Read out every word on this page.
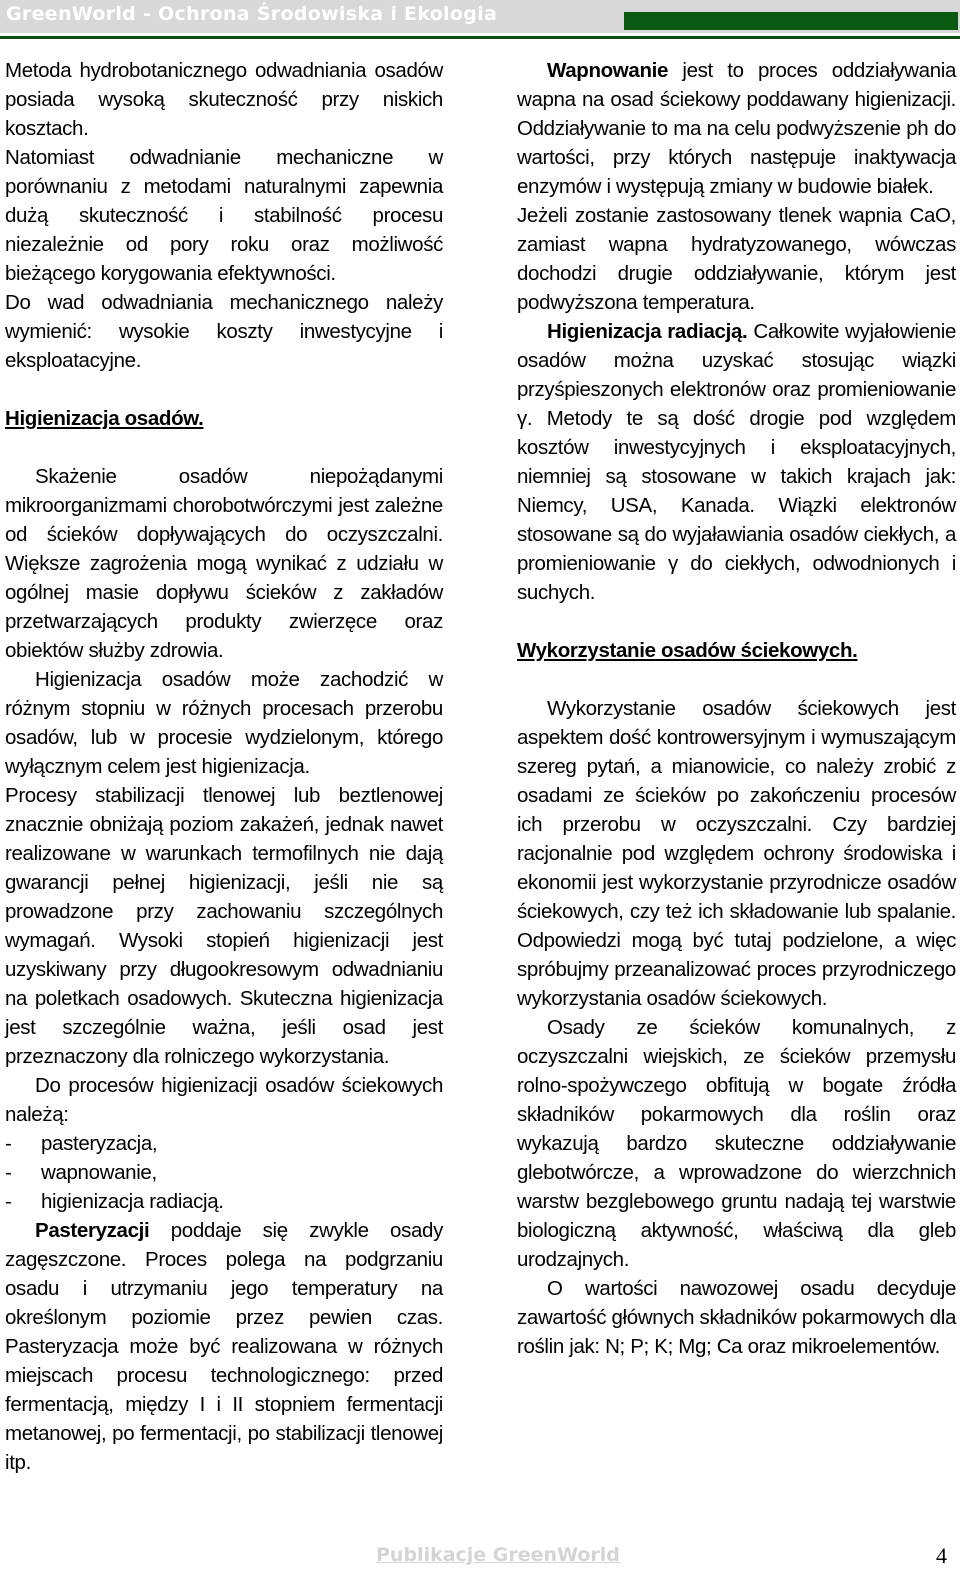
GreenWorld - Ochrona Środowiska i Ekologia

Metoda hydrobotanicznego odwadniania osadów posiada wysoką skuteczność przy niskich kosztach.

Natomiast odwadnianie mechaniczne w porównaniu z metodami naturalnymi zapewnia dużą skuteczność i stabilność procesu niezależnie od pory roku oraz możliwość bieżącego korygowania efektywności.

Do wad odwadniania mechanicznego należy wymienić: wysokie koszty inwestycyjne i eksploatacyjne.

Higienizacja osadów.

Skażenie osadów niepożądanymi mikroorganizmami chorobotwórczymi jest zależne od ścieków dopływających do oczyszczalni. Większe zagrożenia mogą wynikać z udziału w ogólnej masie dopływu ścieków z zakładów przetwarzających produkty zwierzęce oraz obiektów służby zdrowia.

Higienizacja osadów może zachodzić w różnym stopniu w różnych procesach przerobu osadów, lub w procesie wydzielonym, którego wyłącznym celem jest higienizacja.

Procesy stabilizacji tlenowej lub beztlenowej znacznie obniżają poziom zakażeń, jednak nawet realizowane w warunkach termofilnych nie dają gwarancji pełnej higienizacji, jeśli nie są prowadzone przy zachowaniu szczególnych wymagań. Wysoki stopień higienizacji jest uzyskiwany przy długookresowym odwadnianiu na poletkach osadowych. Skuteczna higienizacja jest szczególnie ważna, jeśli osad jest przeznaczony dla rolniczego wykorzystania.

Do procesów higienizacji osadów ściekowych należą:

-	pasteryzacja,
-	wapnowanie,
-	higienizacja radiacją.

Pasteryzacji poddaje się zwykle osady zagęszczone. Proces polega na podgrzaniu osadu i utrzymaniu jego temperatury na określonym poziomie przez pewien czas. Pasteryzacja może być realizowana w różnych miejscach procesu technologicznego: przed fermentacją, między I i II stopniem fermentacji metanowej, po fermentacji, po stabilizacji tlenowej itp.

Wapnowanie jest to proces oddziaływania wapna na osad ściekowy poddawany higienizacji. Oddziaływanie to ma na celu podwyższenie ph do wartości, przy których następuje inaktywacja enzymów i występują zmiany w budowie białek.

Jeżeli zostanie zastosowany tlenek wapnia CaO, zamiast wapna hydratyzowanego, wówczas dochodzi drugie oddziaływanie, którym jest podwyższona temperatura.

Higienizacja radiacją. Całkowite wyjałowienie osadów można uzyskać stosując wiązki przyśpieszonych elektronów oraz promieniowanie γ. Metody te są dość drogie pod względem kosztów inwestycyjnych i eksploatacyjnych, niemniej są stosowane w takich krajach jak: Niemcy, USA, Kanada. Wiązki elektronów stosowane są do wyjaławiania osadów ciekłych, a promieniowanie γ do ciekłych, odwodnionych i suchych.

Wykorzystanie osadów ściekowych.

Wykorzystanie osadów ściekowych jest aspektem dość kontrowersyjnym i wymuszającym szereg pytań, a mianowicie, co należy zrobić z osadami ze ścieków po zakończeniu procesów ich przerobu w oczyszczalni. Czy bardziej racjonalnie pod względem ochrony środowiska i ekonomii jest wykorzystanie przyrodnicze osadów ściekowych, czy też ich składowanie lub spalanie. Odpowiedzi mogą być tutaj podzielone, a więc spróbujmy przeanalizować proces przyrodniczego wykorzystania osadów ściekowych.

Osady ze ścieków komunalnych, z oczyszczalni wiejskich, ze ścieków przemysłu rolno-spożywczego obfitują w bogate źródła składników pokarmowych dla roślin oraz wykazują bardzo skuteczne oddziaływanie glebotwórcze, a wprowadzone do wierzchnich warstw bezglebowego gruntu nadają tej warstwie biologiczną aktywność, właściwą dla gleb urodzajnych.

O wartości nawozowej osadu decyduje zawartość głównych składników pokarmowych dla roślin jak: N; P; K; Mg; Ca oraz mikroelementów.

Publikacje GreenWorld	4
